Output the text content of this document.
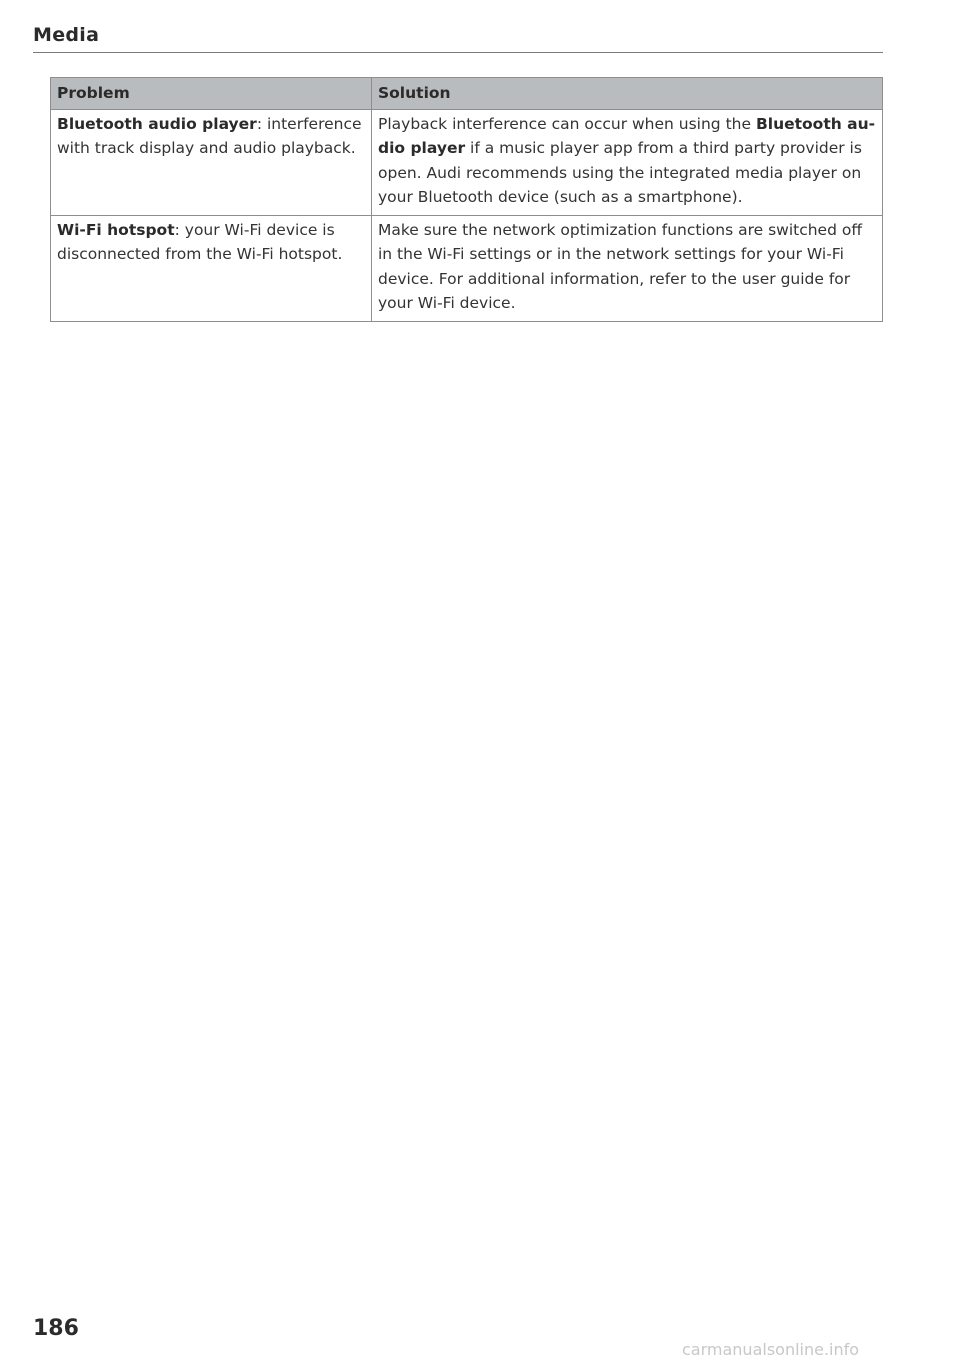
Media
Problem	Solution
Bluetooth audio player: interference with track display and audio playback.	Playback interference can occur when using the Bluetooth au-dio player if a music player app from a third party provider is open. Audi recommends using the integrated media player on your Bluetooth device (such as a smartphone).
Wi-Fi hotspot: your Wi-Fi device is disconnected from the Wi-Fi hotspot.	Make sure the network optimization functions are switched off in the Wi-Fi settings or in the network settings for your Wi-Fi device. For additional information, refer to the user guide for your Wi-Fi device.
186
carmanualsonline.info
